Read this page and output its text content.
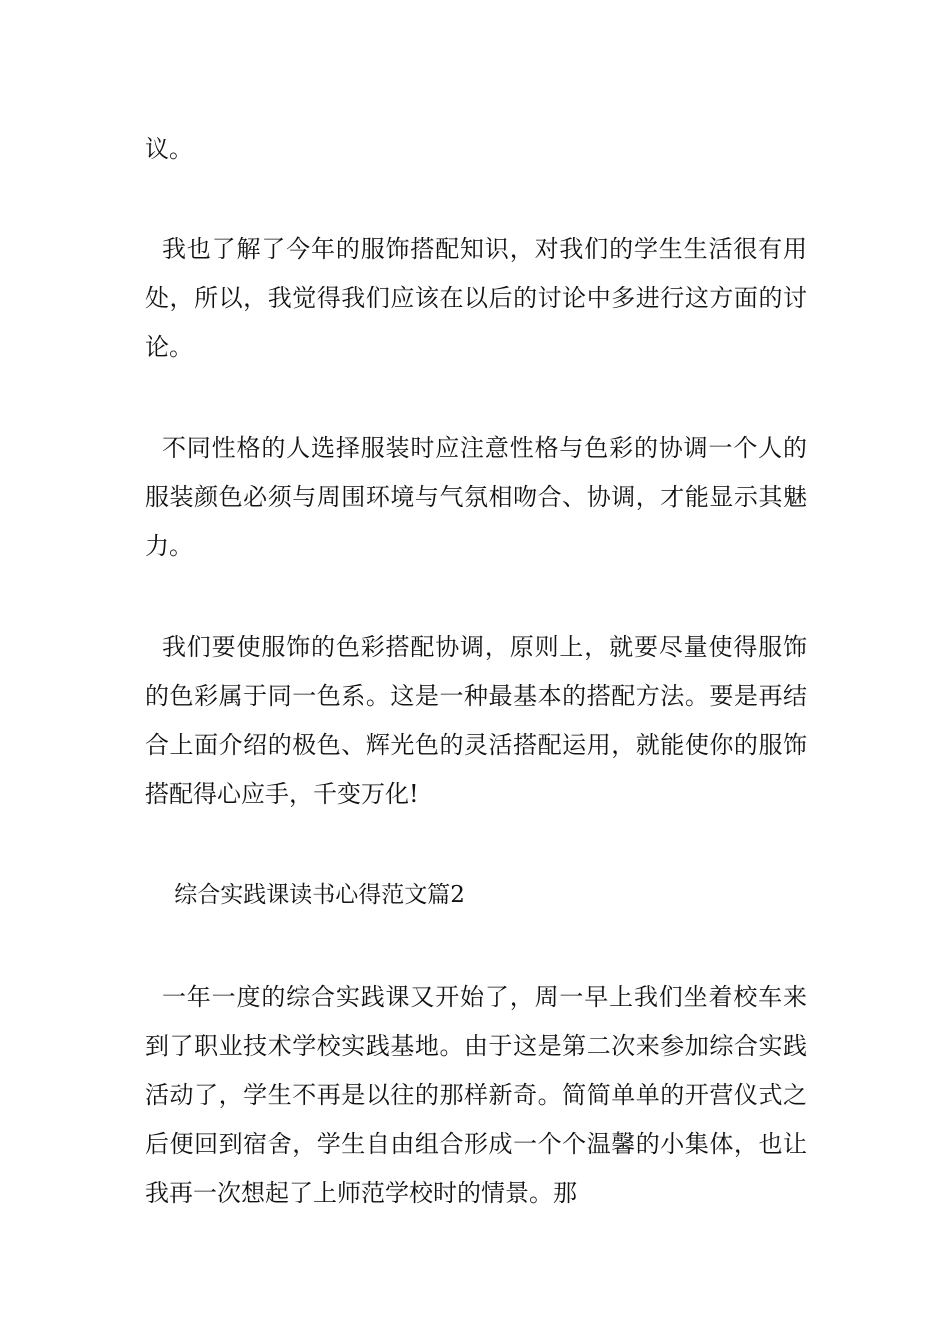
议。

我也了解了今年的服饰搭配知识，对我们的学生生活很有用处，所以，我觉得我们应该在以后的讨论中多进行这方面的讨论。

不同性格的人选择服装时应注意性格与色彩的协调一个人的服装颜色必须与周围环境与气氛相吻合、协调，才能显示其魅力。

我们要使服饰的色彩搭配协调，原则上，就要尽量使得服饰的色彩属于同一色系。这是一种最基本的搭配方法。要是再结合上面介绍的极色、辉光色的灵活搭配运用，就能使你的服饰搭配得心应手，千变万化!

综合实践课读书心得范文篇2

一年一度的综合实践课又开始了，周一早上我们坐着校车来到了职业技术学校实践基地。由于这是第二次来参加综合实践活动了，学生不再是以往的那样新奇。简简单单的开营仪式之后便回到宿舍，学生自由组合形成一个个温馨的小集体，也让我再一次想起了上师范学校时的情景。那
